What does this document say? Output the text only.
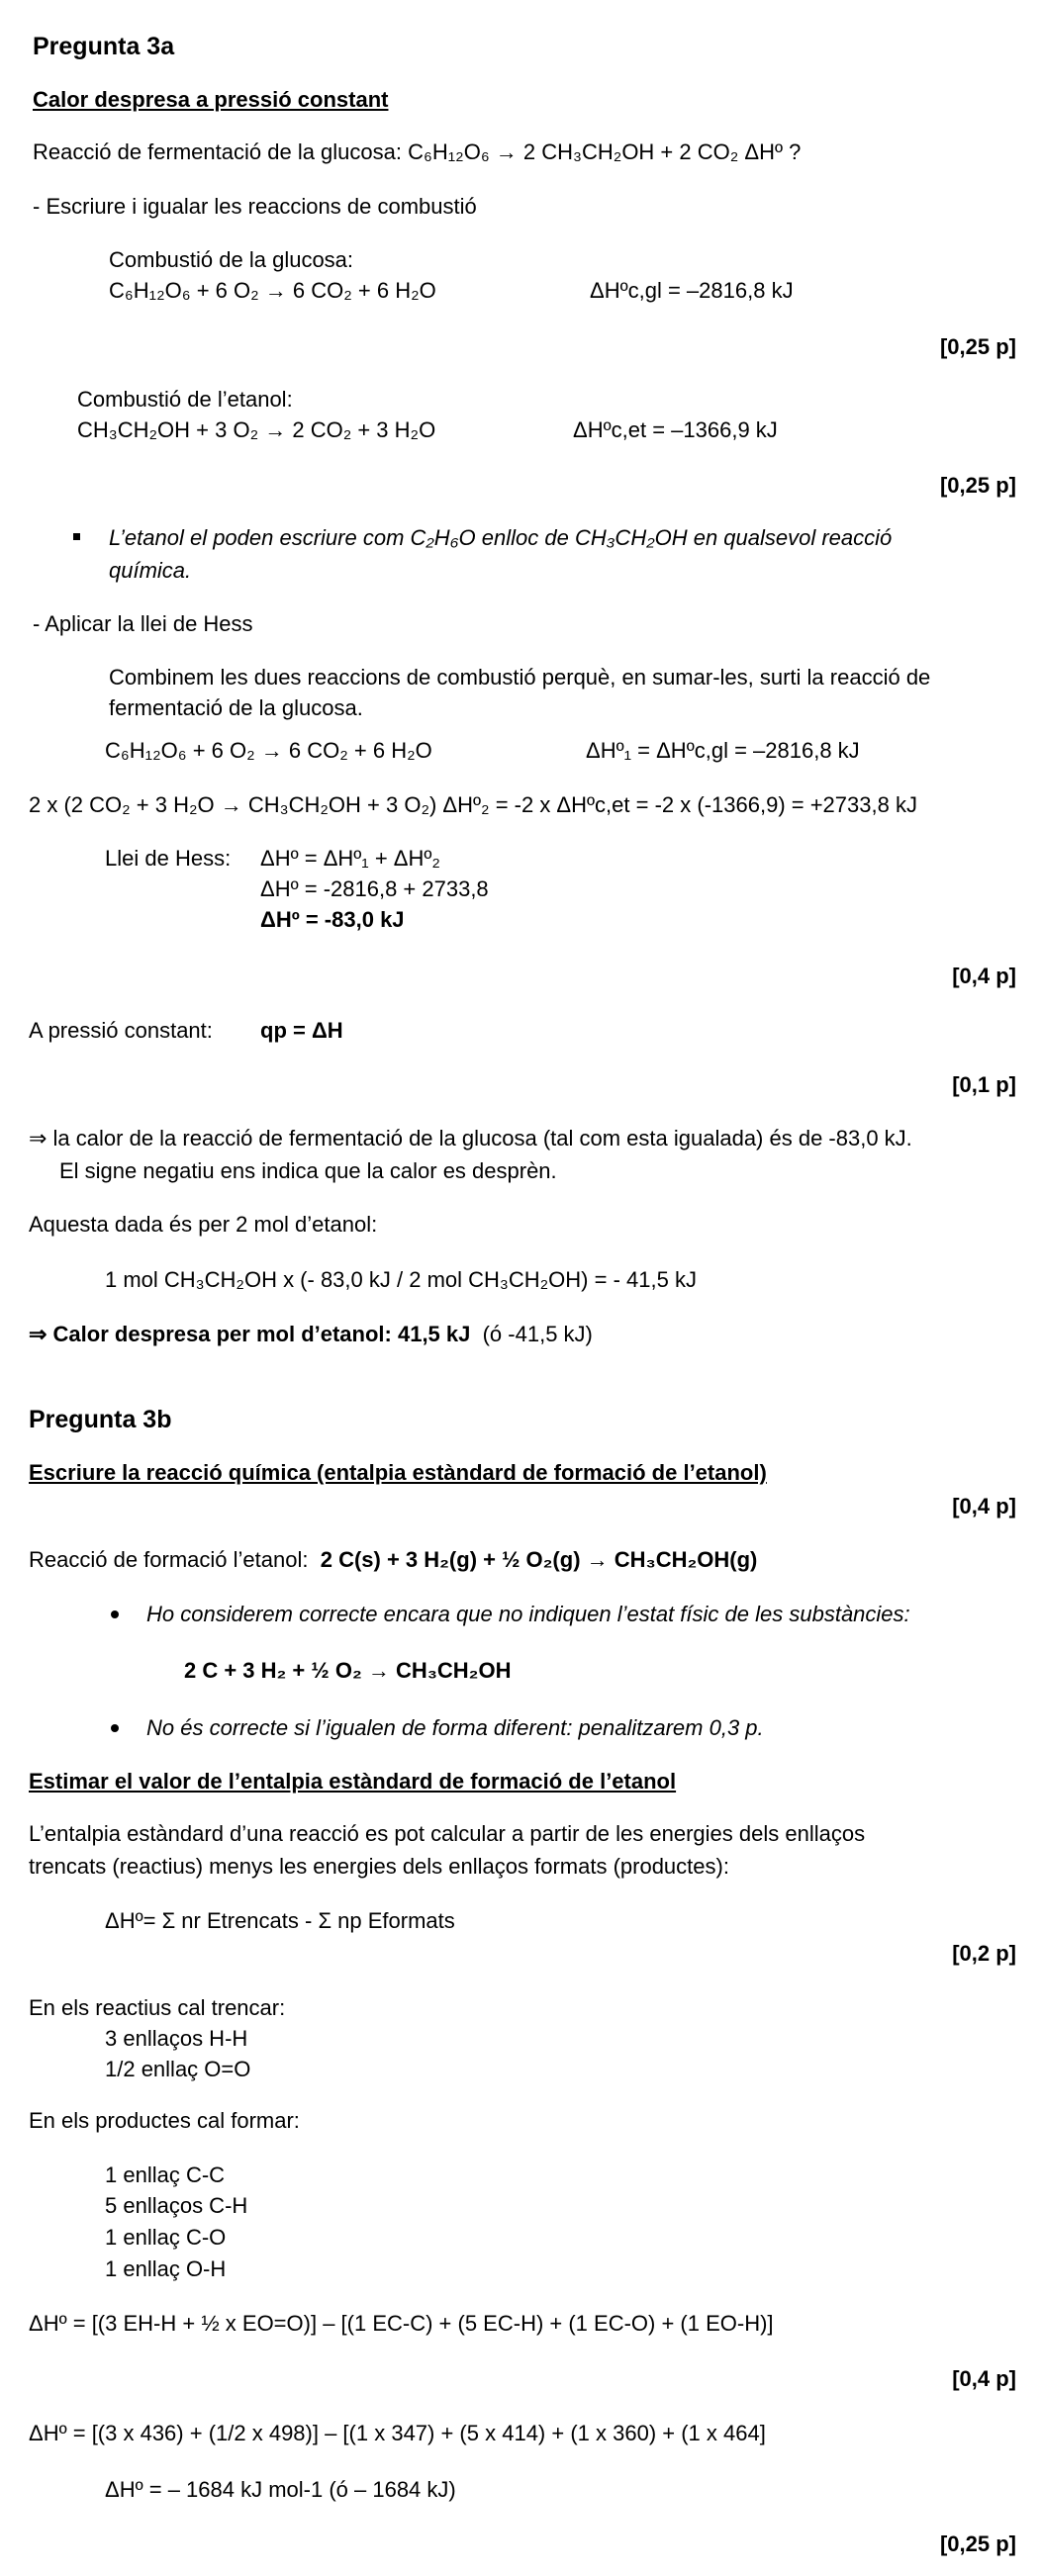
Pregunta 3a
Calor despresa a pressió constant
Reacció de fermentació de la glucosa: C₆H₁₂O₆ → 2 CH₃CH₂OH + 2 CO₂ ΔHº ?
- Escriure i igualar les reaccions de combustió
Combustió de la glucosa:
C₆H₁₂O₆ + 6 O₂ → 6 CO₂ + 6 H₂O	ΔHºc,gl = –2816,8 kJ
[0,25 p]
Combustió de l’etanol:
CH₃CH₂OH + 3 O₂ → 2 CO₂ + 3 H₂O	ΔHºc,et = –1366,9 kJ
[0,25 p]
L’etanol el poden escriure com C₂H₆O enlloc de CH₃CH₂OH en qualsevol reacció
química.
- Aplicar la llei de Hess
Combinem les dues reaccions de combustió perquè, en sumar-les, surti la reacció de
fermentació de la glucosa.
C₆H₁₂O₆ + 6 O₂ → 6 CO₂ + 6 H₂O	ΔHº₁ = ΔHºc,gl = –2816,8 kJ
2 x (2 CO₂ + 3 H₂O → CH₃CH₂OH + 3 O₂) ΔHº₂ = -2 x ΔHºc,et = -2 x (-1366,9) = +2733,8 kJ
Llei de Hess: ΔHº = ΔHº₁ + ΔHº₂
ΔHº = -2816,8 + 2733,8
ΔHº = -83,0 kJ
[0,4 p]
A pressió constant: qp = ΔH
[0,1 p]
⇒ la calor de la reacció de fermentació de la glucosa (tal com esta igualada) és de -83,0 kJ.
El signe negatiu ens indica que la calor es desprèn.
Aquesta dada és per 2 mol d’etanol:
1 mol CH₃CH₂OH x (- 83,0 kJ / 2 mol CH₃CH₂OH) = - 41,5 kJ
⇒ Calor despresa per mol d’etanol: 41,5 kJ (ó -41,5 kJ)
Pregunta 3b
Escriure la reacció química (entalpia estàndard de formació de l’etanol)
[0,4 p]
Reacció de formació l’etanol: 2 C(s) + 3 H₂(g) + ½ O₂(g) → CH₃CH₂OH(g)
Ho considerem correcte encara que no indiquen l’estat físic de les substàncies:
2 C + 3 H₂ + ½ O₂ → CH₃CH₂OH
No és correcte si l’igualen de forma diferent: penalitzarem 0,3 p.
Estimar el valor de l’entalpia estàndard de formació de l’etanol
L’entalpia estàndard d’una reacció es pot calcular a partir de les energies dels enllaços
trencats (reactius) menys les energies dels enllaços formats (productes):
ΔHº= Σ nr Etrencats - Σ np Eformats
[0,2 p]
En els reactius cal trencar:
3 enllaços H-H
1/2 enllaç O=O
En els productes cal formar:
1 enllaç C-C
5 enllaços C-H
1 enllaç C-O
1 enllaç O-H
ΔHº = [(3 EH-H + ½ x EO=O)] – [(1 EC-C) + (5 EC-H) + (1 EC-O) + (1 EO-H)]
[0,4 p]
ΔHº = [(3 x 436) + (1/2 x 498)] – [(1 x 347) + (5 x 414) + (1 x 360) + (1 x 464]
ΔHº = – 1684 kJ mol-1 (ó – 1684 kJ)
[0,25 p]
